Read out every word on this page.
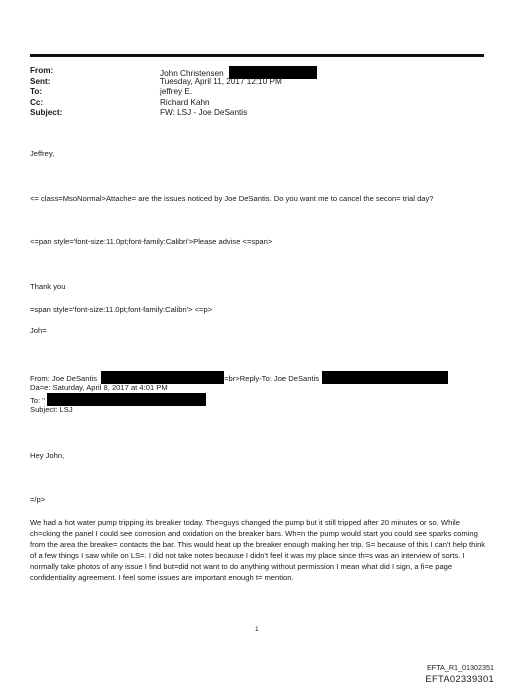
From:	John Christensen
Sent:	Tuesday, April 11, 2017 12:10 PM
To:	jeffrey E.
Cc:	Richard Kahn
Subject:	FW: LSJ - Joe DeSantis
Jeffrey,
<= class=MsoNormal>Attache= are the issues noticed by Joe DeSantis. Do you want me to cancel the secon= trial day?
<=pan style='font-size:11.0pt;font-family:Calibri'>Please advise <=span>
Thank you
=span style='font-size:11.0pt;font-family:Calibri'> <=p>
Joh=
From: Joe DeSantis	=br>Reply-To: Joe DeSantis
Da=e: Saturday, April 8, 2017 at 4:01 PM
To: "
Subject: LSJ
Hey John,
=/p>
We had a hot water pump tripping its breaker today. The=guys changed the pump but it still tripped after 20 minutes or so. While ch=cking the panel I could see corrosion and oxidation on the breaker bars. Wh=n the pump would start you could see sparks coming from the area the breake= contacts the bar. This would heat up the breaker enough making her trip. S= because of this I can't help think of a few things I saw while on LS=. I did not take notes because I didn't feel it was my place since th=s was an interview of sorts. I normally take photos of any issue I find but=did not want to do anything without permission I mean what did I sign, a fi=e page confidentiality agreement. I feel some issues are important enough t= mention.
1
EFTA_R1_01302351
EFTA02339301
